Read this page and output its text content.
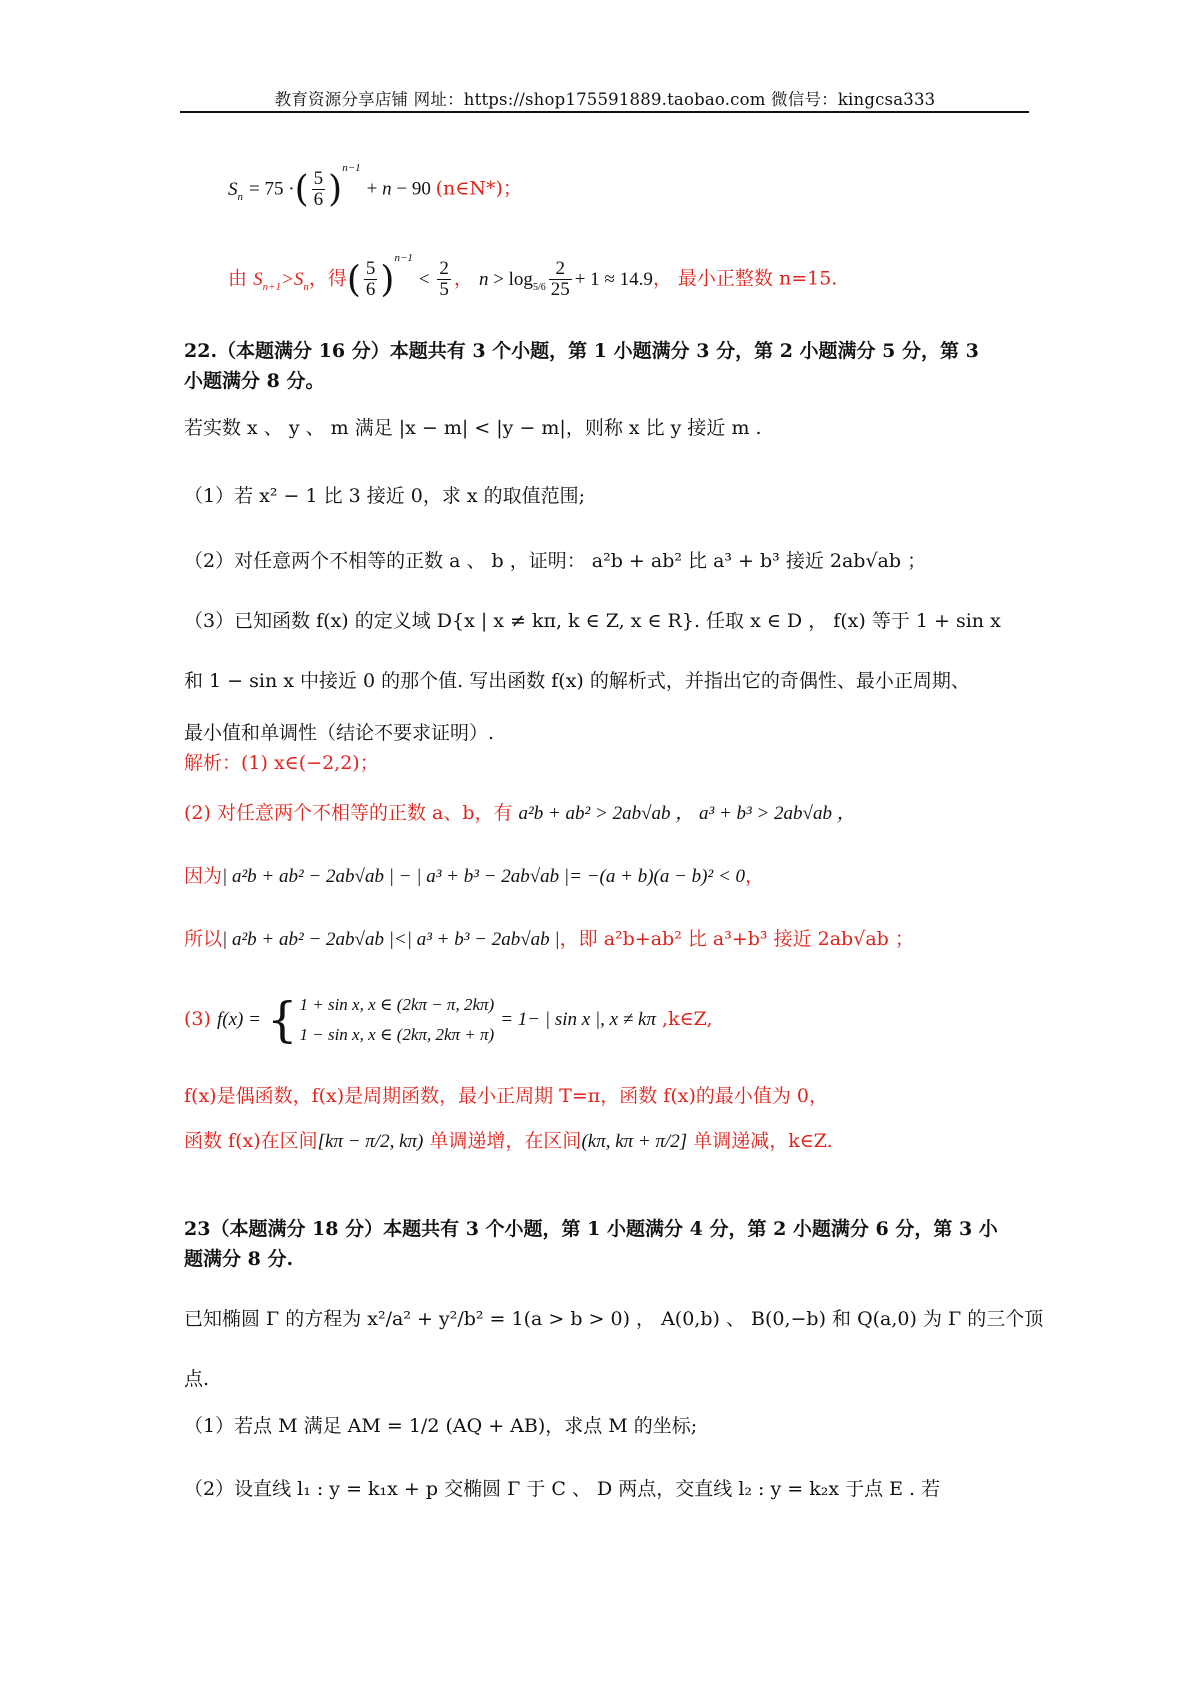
教育资源分享店铺 网址：https://shop175591889.taobao.com 微信号：kingcsa333
$S_n = 75$ ·( $\frac{5}{6} )^{n-1} + n - 90$ (n∈N*)；
由 $S_{n+1}>S_n$，得( $\frac{5}{6} )^{n-1} < \frac{2}{5}$ ， $n > \log_{5/6} \frac{2}{25} + 1 \approx 14.9$， 最小正整数 n=15.
22.（本题满分 16 分）本题共有 3 个小题，第 1 小题满分 3 分，第 2 小题满分 5 分，第 3
小题满分 8 分。
若实数 x 、 y 、 m 满足 |x − m| < |y − m|，则称 x 比 y 接近 m .
（1）若 x² − 1 比 3 接近 0，求 x 的取值范围;
（2）对任意两个不相等的正数 a 、 b ，证明： a²b + ab² 比 a³ + b³ 接近 2ab√ab ；
（3）已知函数 f(x) 的定义域 D{x | x ≠ kπ, k ∈ Z, x ∈ R}. 任取 x ∈ D ， f(x) 等于 1 + sin x
和 1 − sin x 中接近 0 的那个值. 写出函数 f(x) 的解析式，并指出它的奇偶性、最小正周期、
最小值和单调性（结论不要求证明）.
解析：(1) x∈(−2,2)；
(2) 对任意两个不相等的正数 a、b，有 a²b + ab² > 2ab√ab ， a³ + b³ > 2ab√ab ，
因为| a²b + ab² − 2ab√ab | − | a³ + b³ − 2ab√ab |= −(a + b)(a − b)² < 0，
所以| a²b + ab² − 2ab√ab |<| a³ + b³ − 2ab√ab |，即 a²b+ab² 比 a³+b³ 接近 2ab√ab ；
(3) f(x) = { 1 + sin x, x ∈ (2kπ − π, 2kπ)
1 − sin x, x ∈ (2kπ, 2kπ + π)
= 1− | sin x |, x ≠ kπ ,k∈Z,
f(x)是偶函数，f(x)是周期函数，最小正周期 T=π，函数 f(x)的最小值为 0，
函数 f(x)在区间[kπ − π/2, kπ) 单调递增，在区间(kπ, kπ + π/2] 单调递减，k∈Z.
23（本题满分 18 分）本题共有 3 个小题，第 1 小题满分 4 分，第 2 小题满分 6 分，第 3 小
题满分 8 分.
已知椭圆 Γ 的方程为 x²/a² + y²/b² = 1(a > b > 0) ， A(0,b) 、 B(0,−b) 和 Q(a,0) 为 Γ 的三个顶
点.
（1）若点 M 满足 AM = 1/2 (AQ + AB)，求点 M 的坐标;
（2）设直线 l₁ : y = k₁x + p 交椭圆 Γ 于 C 、 D 两点，交直线 l₂ : y = k₂x 于点 E . 若
